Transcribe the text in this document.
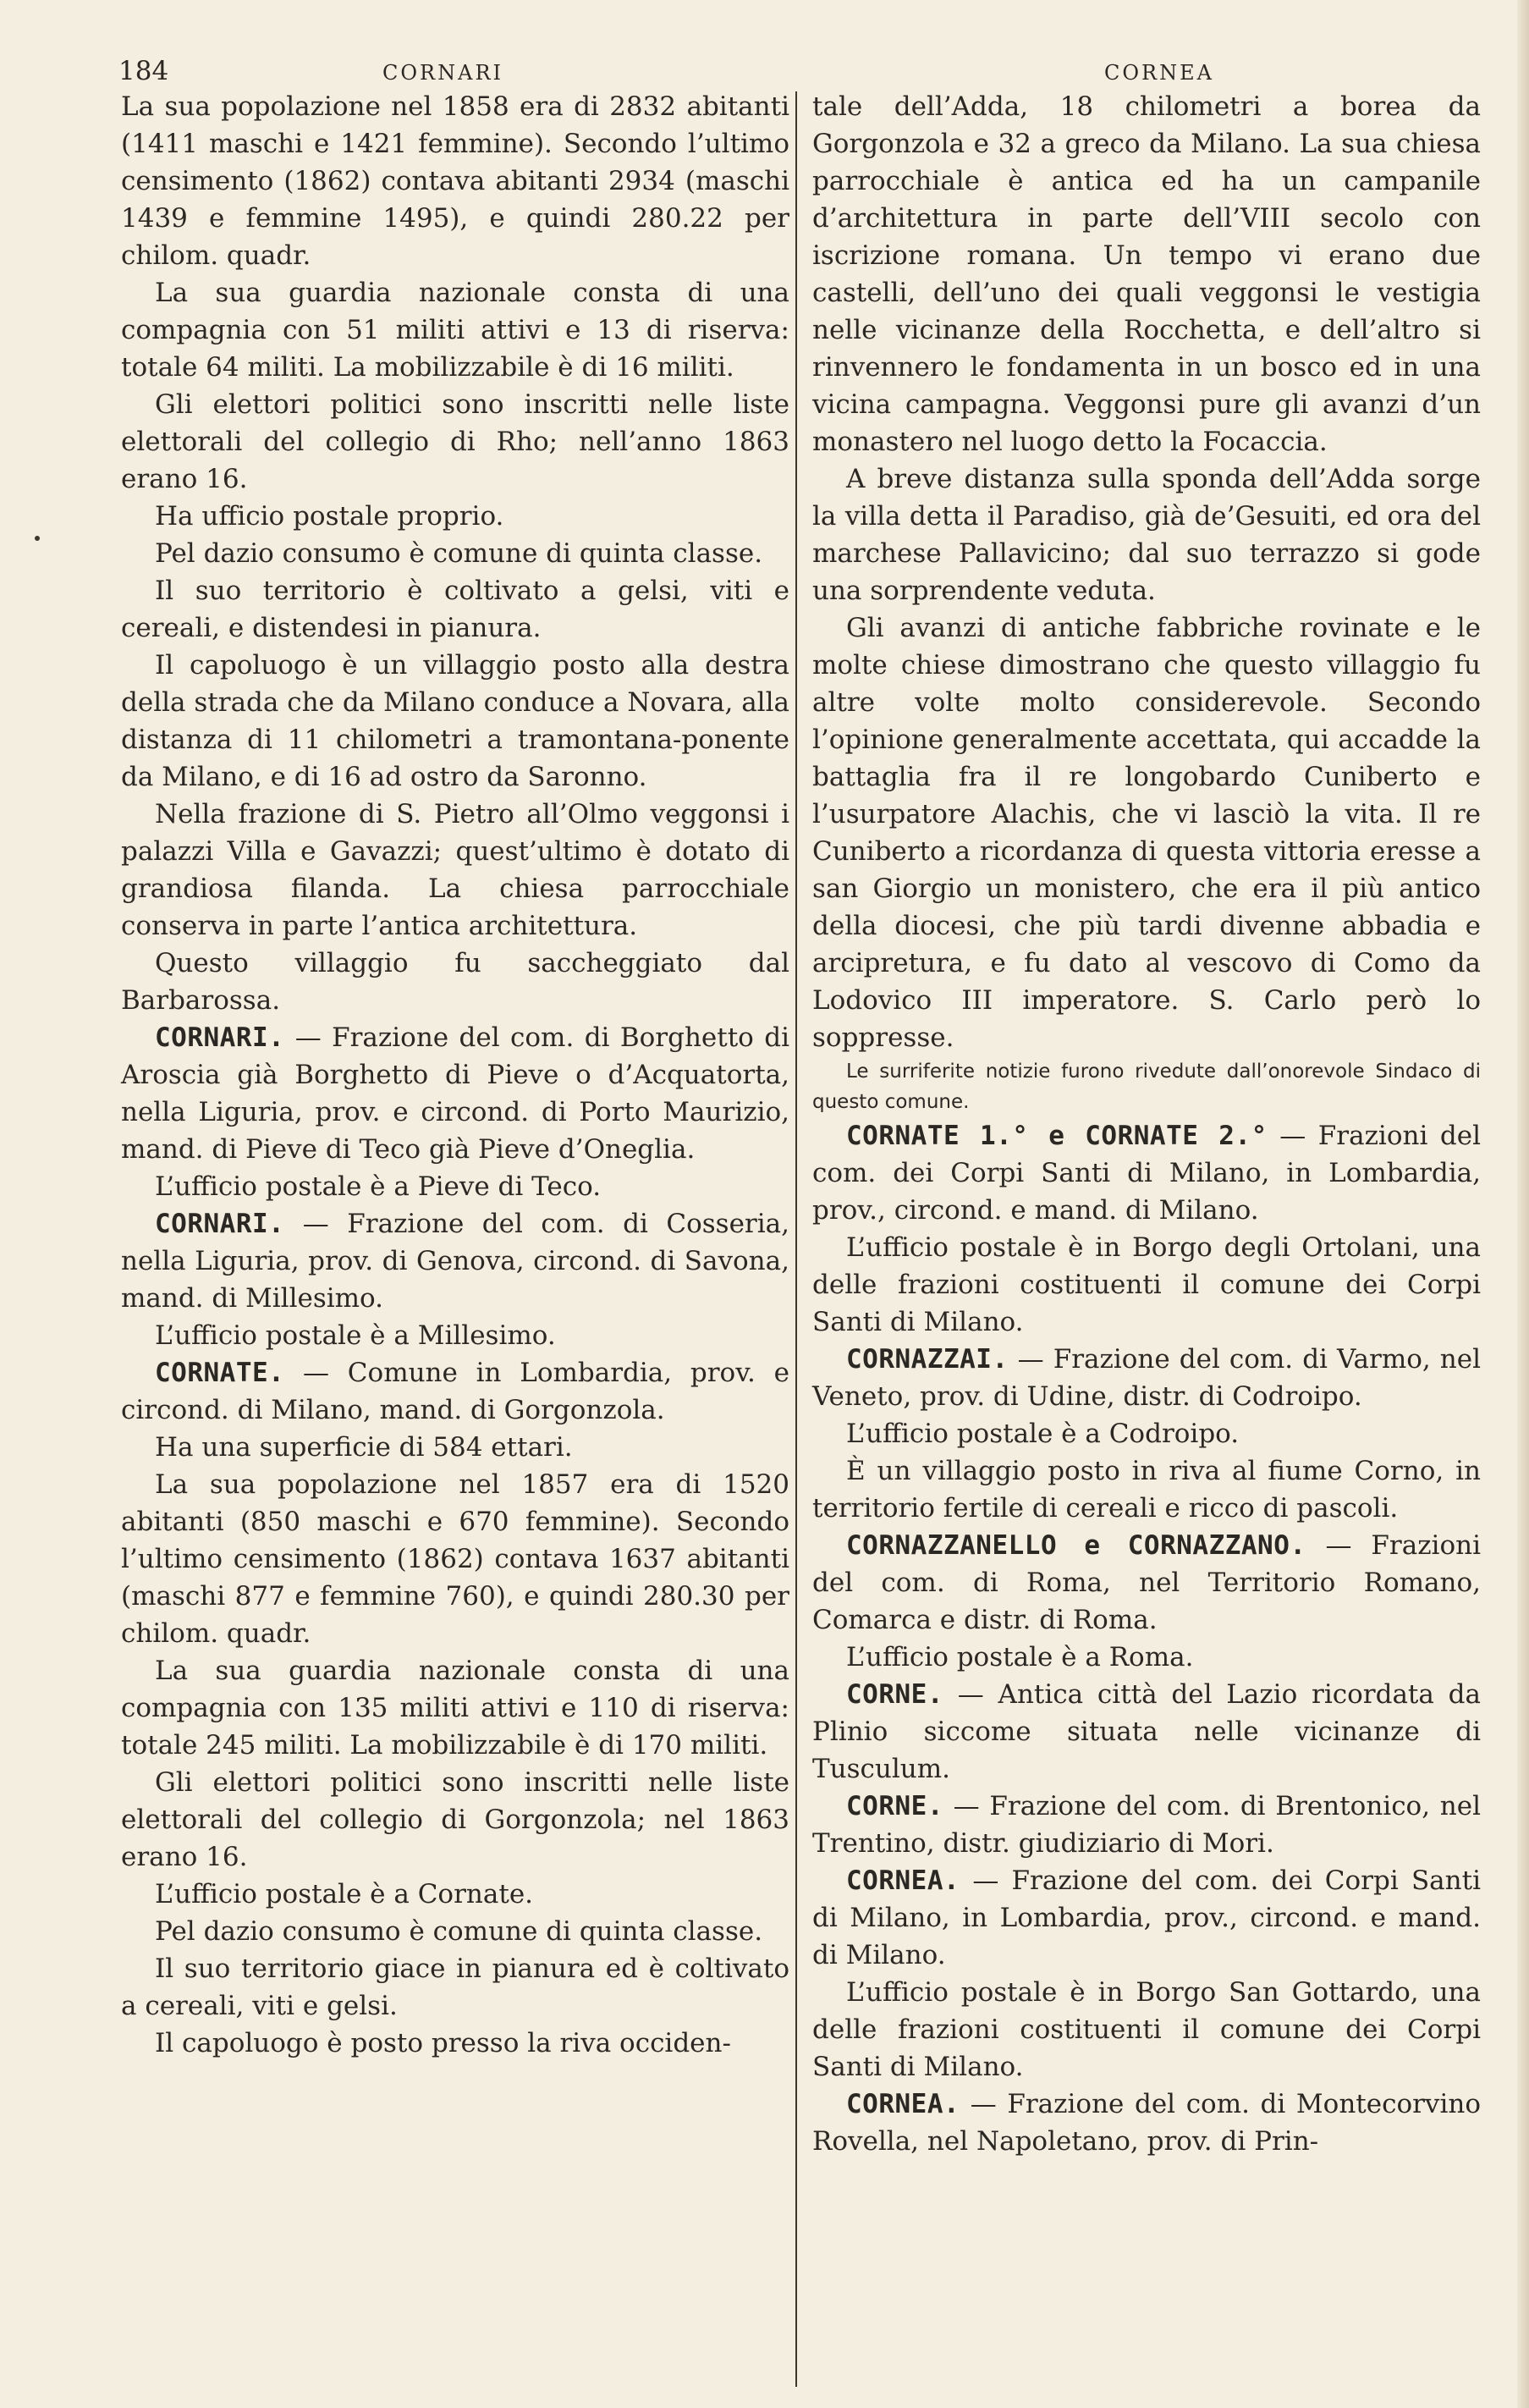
184	CORNARI	CORNEA

La sua popolazione nel 1858 era di 2832 abitanti (1411 maschi e 1421 femmine). Secondo l’ultimo censimento (1862) contava abitanti 2934 (maschi 1439 e femmine 1495), e quindi 280.22 per chilom. quadr.

La sua guardia nazionale consta di una compagnia con 51 militi attivi e 13 di riserva: totale 64 militi. La mobilizzabile è di 16 militi.

Gli elettori politici sono inscritti nelle liste elettorali del collegio di Rho; nell’anno 1863 erano 16.

Ha ufficio postale proprio.

Pel dazio consumo è comune di quinta classe.

Il suo territorio è coltivato a gelsi, viti e cereali, e distendesi in pianura.

Il capoluogo è un villaggio posto alla destra della strada che da Milano conduce a Novara, alla distanza di 11 chilometri a tramontana-ponente da Milano, e di 16 ad ostro da Saronno.

Nella frazione di S. Pietro all’Olmo veggonsi i palazzi Villa e Gavazzi; quest’ultimo è dotato di grandiosa filanda. La chiesa parrocchiale conserva in parte l’antica architettura.

Questo villaggio fu saccheggiato dal Barbarossa.

CORNARI. — Frazione del com. di Borghetto di Aroscia già Borghetto di Pieve o d’Acquatorta, nella Liguria, prov. e circond. di Porto Maurizio, mand. di Pieve di Teco già Pieve d’Oneglia.

L’ufficio postale è a Pieve di Teco.

CORNARI. — Frazione del com. di Cosseria, nella Liguria, prov. di Genova, circond. di Savona, mand. di Millesimo.

L’ufficio postale è a Millesimo.

CORNATE. — Comune in Lombardia, prov. e circond. di Milano, mand. di Gorgonzola.

Ha una superficie di 584 ettari.

La sua popolazione nel 1857 era di 1520 abitanti (850 maschi e 670 femmine). Secondo l’ultimo censimento (1862) contava 1637 abitanti (maschi 877 e femmine 760), e quindi 280.30 per chilom. quadr.

La sua guardia nazionale consta di una compagnia con 135 militi attivi e 110 di riserva: totale 245 militi. La mobilizzabile è di 170 militi.

Gli elettori politici sono inscritti nelle liste elettorali del collegio di Gorgonzola; nel 1863 erano 16.

L’ufficio postale è a Cornate.

Pel dazio consumo è comune di quinta classe.

Il suo territorio giace in pianura ed è coltivato a cereali, viti e gelsi.

Il capoluogo è posto presso la riva occiden-

tale dell’Adda, 18 chilometri a borea da Gorgonzola e 32 a greco da Milano. La sua chiesa parrocchiale è antica ed ha un campanile d’architettura in parte dell’VIII secolo con iscrizione romana. Un tempo vi erano due castelli, dell’uno dei quali veggonsi le vestigia nelle vicinanze della Rocchetta, e dell’altro si rinvennero le fondamenta in un bosco ed in una vicina campagna. Veggonsi pure gli avanzi d’un monastero nel luogo detto la Focaccia.

A breve distanza sulla sponda dell’Adda sorge la villa detta il Paradiso, già de’Gesuiti, ed ora del marchese Pallavicino; dal suo terrazzo si gode una sorprendente veduta.

Gli avanzi di antiche fabbriche rovinate e le molte chiese dimostrano che questo villaggio fu altre volte molto considerevole. Secondo l’opinione generalmente accettata, qui accadde la battaglia fra il re longobardo Cuniberto e l’usurpatore Alachis, che vi lasciò la vita. Il re Cuniberto a ricordanza di questa vittoria eresse a san Giorgio un monistero, che era il più antico della diocesi, che più tardi divenne abbadia e arcipretura, e fu dato al vescovo di Como da Lodovico III imperatore. S. Carlo però lo soppresse.

Le surriferite notizie furono rivedute dall’onorevole Sindaco di questo comune.

CORNATE 1.° e CORNATE 2.° — Frazioni del com. dei Corpi Santi di Milano, in Lombardia, prov., circond. e mand. di Milano.

L’ufficio postale è in Borgo degli Ortolani, una delle frazioni costituenti il comune dei Corpi Santi di Milano.

CORNAZZAI. — Frazione del com. di Varmo, nel Veneto, prov. di Udine, distr. di Codroipo.

L’ufficio postale è a Codroipo.

È un villaggio posto in riva al fiume Corno, in territorio fertile di cereali e ricco di pascoli.

CORNAZZANELLO e CORNAZZANO. — Frazioni del com. di Roma, nel Territorio Romano, Comarca e distr. di Roma.

L’ufficio postale è a Roma.

CORNE. — Antica città del Lazio ricordata da Plinio siccome situata nelle vicinanze di Tusculum.

CORNE. — Frazione del com. di Brentonico, nel Trentino, distr. giudiziario di Mori.

CORNEA. — Frazione del com. dei Corpi Santi di Milano, in Lombardia, prov., circond. e mand. di Milano.

L’ufficio postale è in Borgo San Gottardo, una delle frazioni costituenti il comune dei Corpi Santi di Milano.

CORNEA. — Frazione del com. di Montecorvino Rovella, nel Napoletano, prov. di Prin-
